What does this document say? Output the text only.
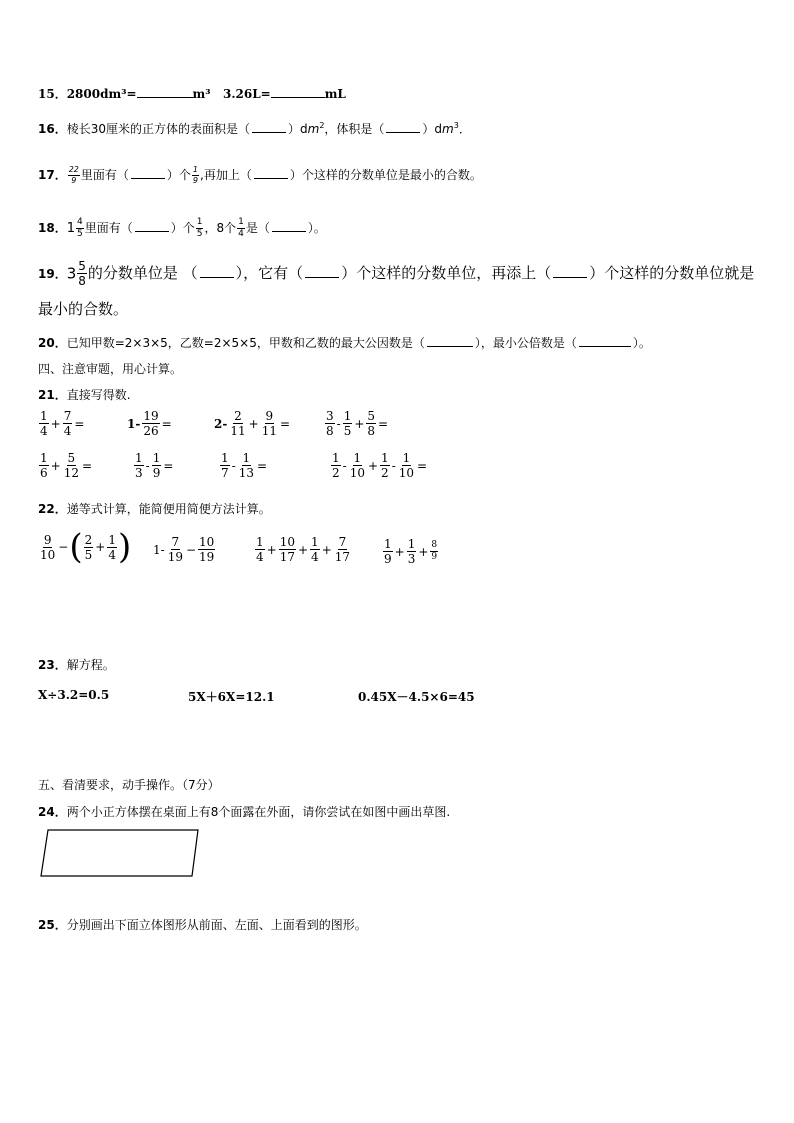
15．2800dm³=	m³ 3.26L=	mL
16．棱长30厘米的正方体的表面积是（	）$dm^2$，体积是（	）$dm^3$．
17． $\frac{22}{9}$ 里面有（	）个 $\frac{1}{9}$ ,再加上（	）个这样的分数单位是最小的合数。
18．$1 \frac{4}{5}$ 里面有（	）个 $\frac{1}{5}$ ，8个 $\frac{1}{4}$ 是（	）。
19．$3 \frac{5}{8}$ 的分数单位是 （	），它有（	）个这样的分数单位，再添上（	）个这样的分数单位就是
最小的合数。
20．已知甲数=2×3×5，乙数=2×5×5，甲数和乙数的最大公因数是（	），最小公倍数是（	）。
四、注意审题，用心计算。
21．直接写得数.
$\frac{1}{4} + \frac{7}{4}$ =	$1- \frac{19}{26}$ =	$2- \frac{2}{11} + \frac{9}{11}$ =	$\frac{3}{8} - \frac{1}{5} + \frac{5}{8}$ =
$\frac{1}{6} + \frac{5}{12}$ =	$\frac{1}{3} - \frac{1}{9}$ =	$\frac{1}{7} - \frac{1}{13}$ =	$\frac{1}{2} - \frac{1}{10} + \frac{1}{2} - \frac{1}{10}$ =
22．递等式计算，能简便用简便方法计算。
$\frac{9}{10}$ −( $\frac{2}{5} + \frac{1}{4}$ ) $1- \frac{7}{19} - \frac{10}{19}$	$\frac{1}{4} + \frac{10}{17} + \frac{1}{4} + \frac{7}{17}$	$\frac{1}{9} + \frac{1}{3} + \frac{8}{9}$
23．解方程。
X÷3.2=0.5	5X＋6X=12.1	0.45X－4.5×6=45
五、看清要求，动手操作。（7分）
24．两个小正方体摆在桌面上有8个面露在外面，请你尝试在如图中画出草图.
25．分别画出下面立体图形从前面、左面、上面看到的图形。
